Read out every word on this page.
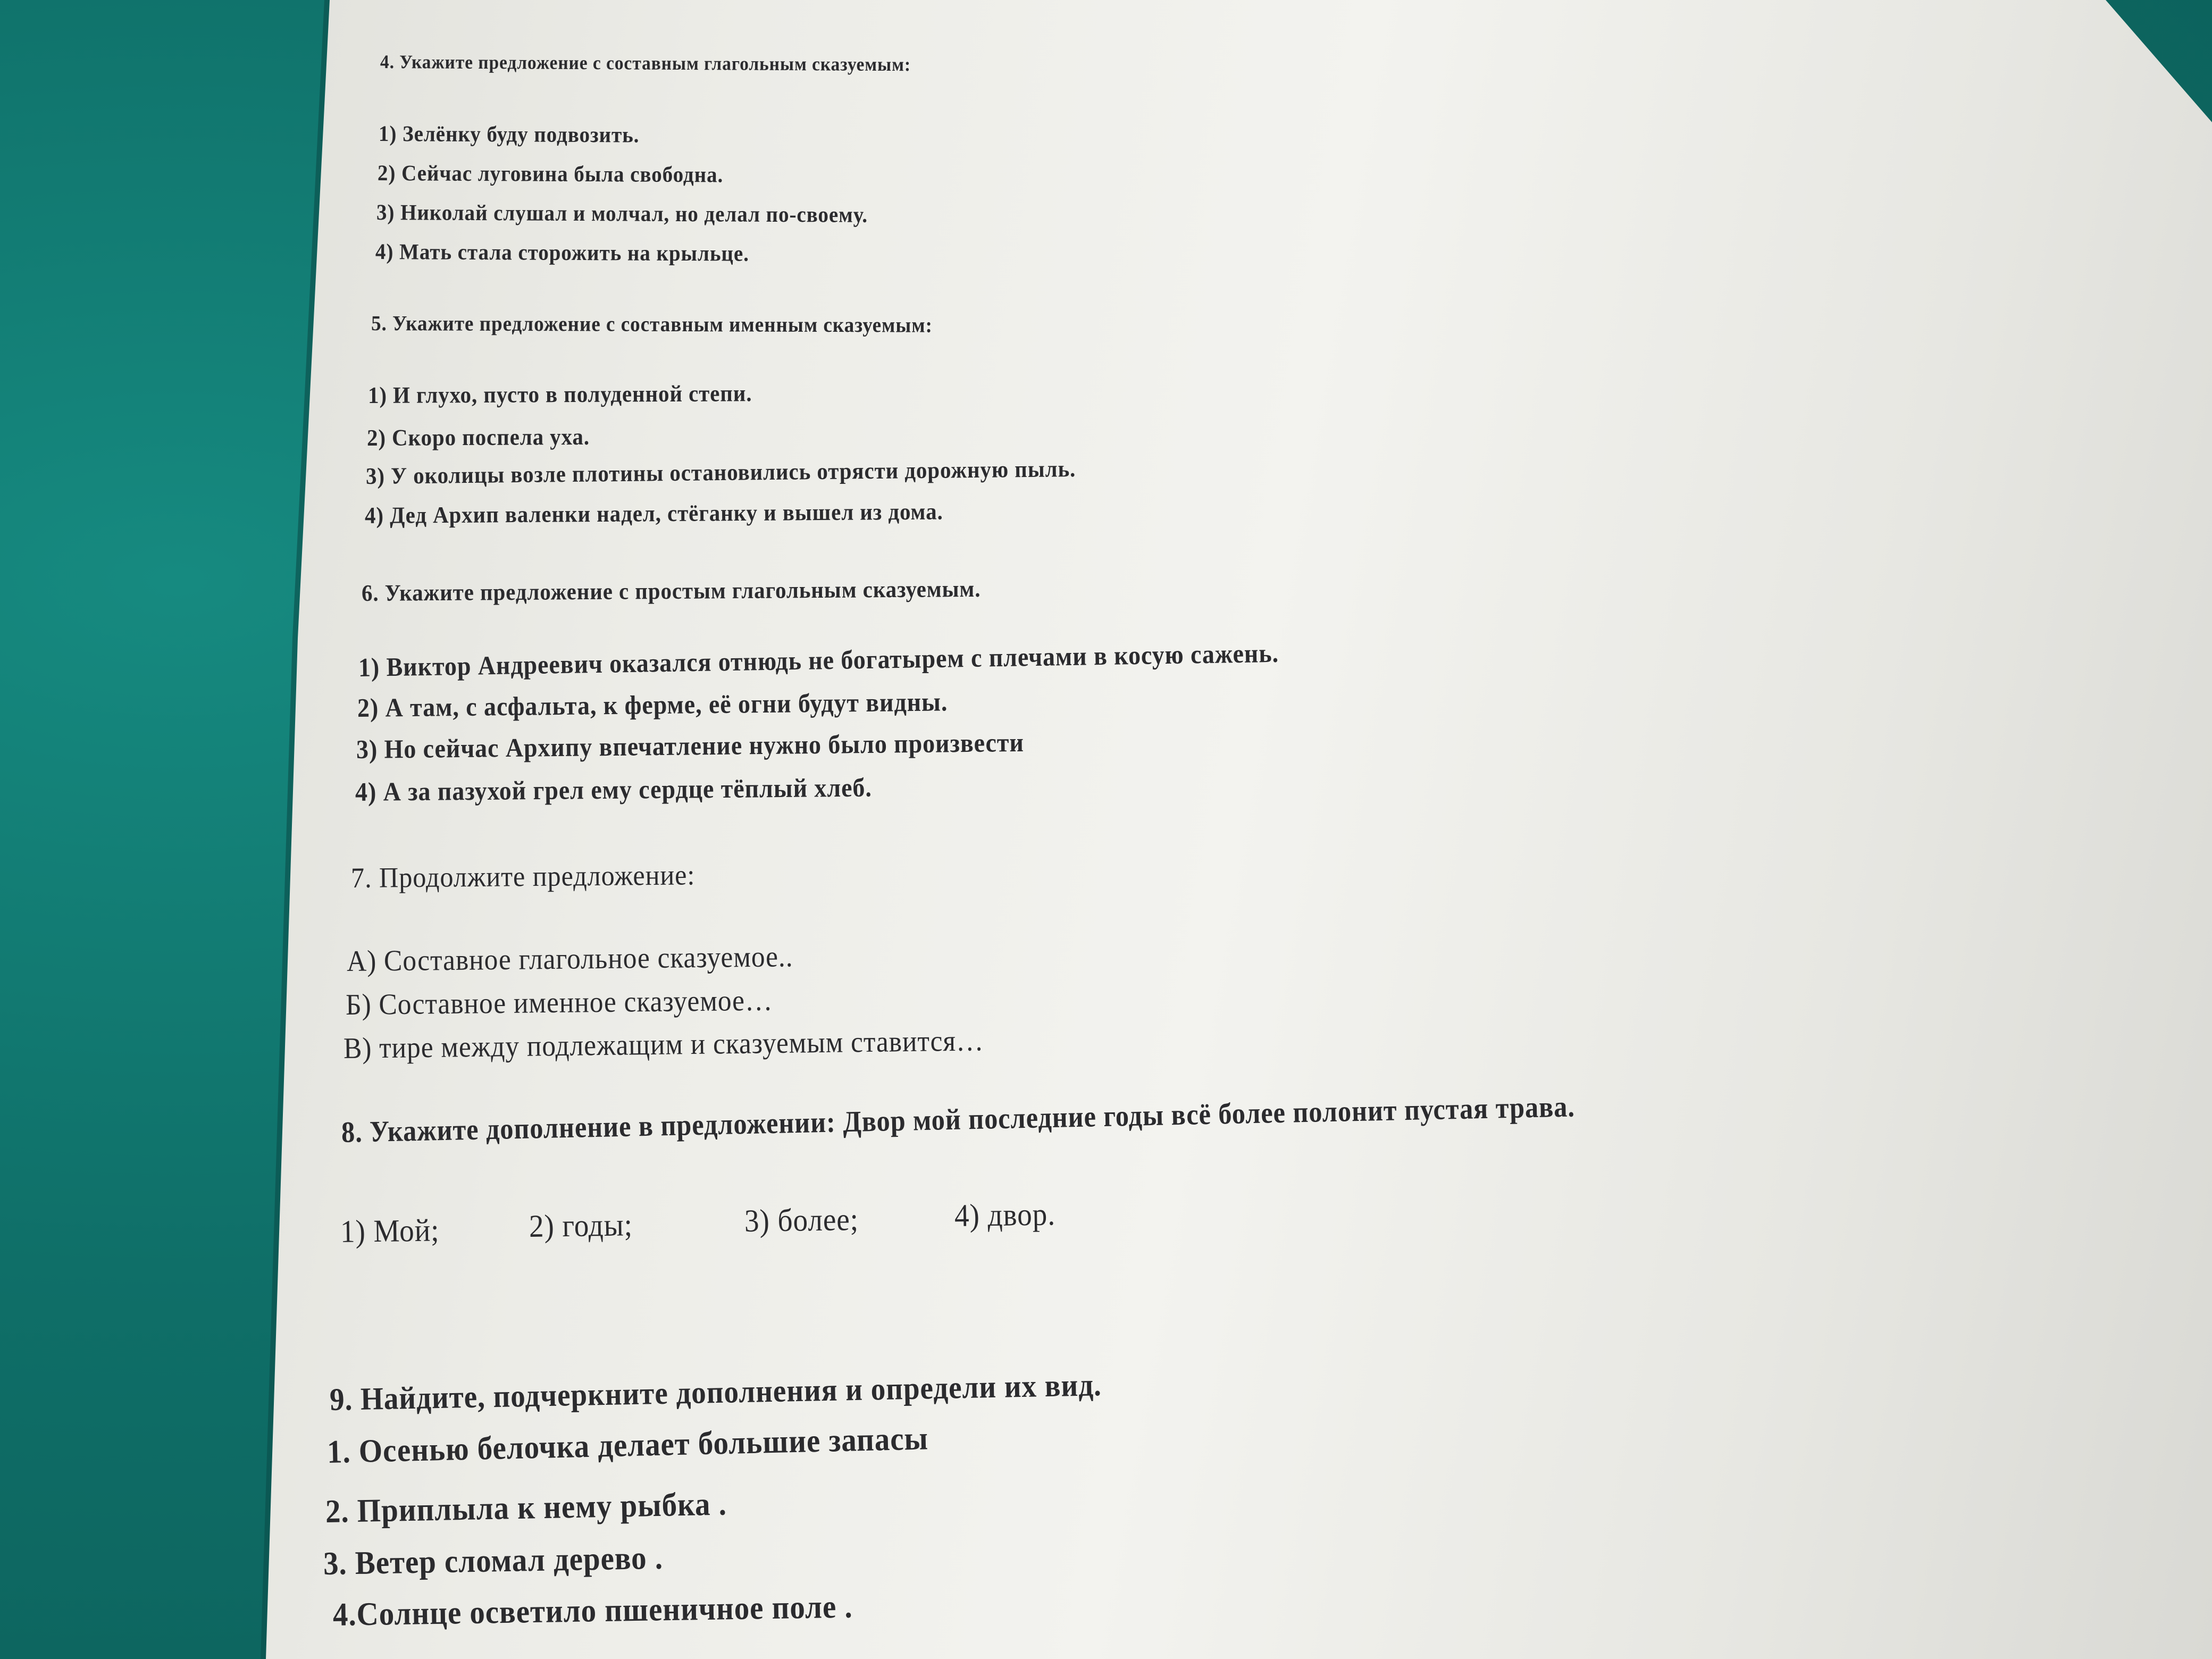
4. Укажите предложение с составным глагольным сказуемым:
1) Зелёнку буду подвозить.
2) Сейчас луговина была свободна.
3) Николай слушал и молчал, но делал по-своему.
4) Мать стала сторожить на крыльце.
5. Укажите предложение с составным именным сказуемым:
1) И глухо, пусто в полуденной степи.
2) Скоро поспела уха.
3) У околицы возле плотины остановились отрясти дорожную пыль.
4) Дед Архип валенки надел, стёганку и вышел из дома.
6. Укажите предложение с простым глагольным сказуемым.
1) Виктор Андреевич оказался отнюдь не богатырем с плечами в косую сажень.
2) А там, с асфальта, к ферме, её огни будут видны.
3) Но сейчас Архипу впечатление нужно было произвести
4) А за пазухой грел ему сердце тёплый хлеб.
7. Продолжите предложение:
А) Составное глагольное сказуемое..
Б) Составное именное сказуемое…
В) тире между подлежащим и сказуемым ставится…
8. Укажите дополнение в предложении: Двор мой последние годы всё более полонит пустая трава.
1) Мой;	2) годы;	3) более;	4) двор.
9. Найдите, подчеркните дополнения и определи их вид.
1. Осенью белочка делает большие запасы
2. Приплыла к нему рыбка .
3. Ветер сломал дерево .
4.Солнце осветило пшеничное поле .
